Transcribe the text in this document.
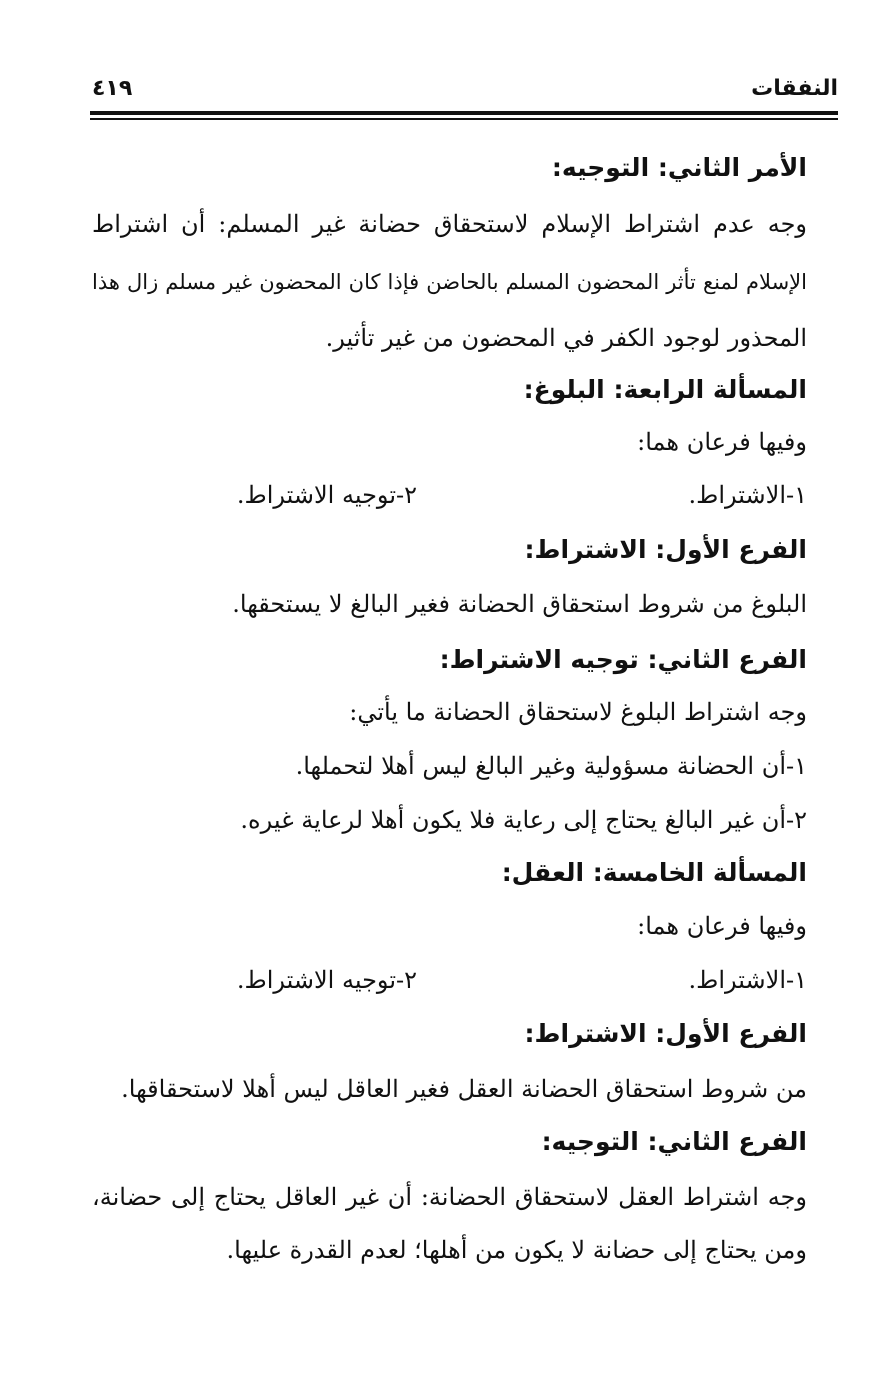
النفقات
٤١٩
الأمر الثاني: التوجيه:
وجه عدم اشتراط الإسلام لاستحقاق حضانة غير المسلم: أن اشتراط
الإسلام لمنع تأثر المحضون المسلم بالحاضن فإذا كان المحضون غير مسلم زال هذا
المحذور لوجود الكفر في المحضون من غير تأثير.
المسألة الرابعة: البلوغ:
وفيها فرعان هما:
١-الاشتراط.
٢-توجيه الاشتراط.
الفرع الأول: الاشتراط:
البلوغ من شروط استحقاق الحضانة فغير البالغ لا يستحقها.
الفرع الثاني: توجيه الاشتراط:
وجه اشتراط البلوغ لاستحقاق الحضانة ما يأتي:
١-أن الحضانة مسؤولية وغير البالغ ليس أهلا لتحملها.
٢-أن غير البالغ يحتاج إلى رعاية فلا يكون أهلا لرعاية غيره.
المسألة الخامسة: العقل:
وفيها فرعان هما:
١-الاشتراط.
٢-توجيه الاشتراط.
الفرع الأول: الاشتراط:
من شروط استحقاق الحضانة العقل فغير العاقل ليس أهلا لاستحقاقها.
الفرع الثاني: التوجيه:
وجه اشتراط العقل لاستحقاق الحضانة: أن غير العاقل يحتاج إلى حضانة،
ومن يحتاج إلى حضانة لا يكون من أهلها؛ لعدم القدرة عليها.
